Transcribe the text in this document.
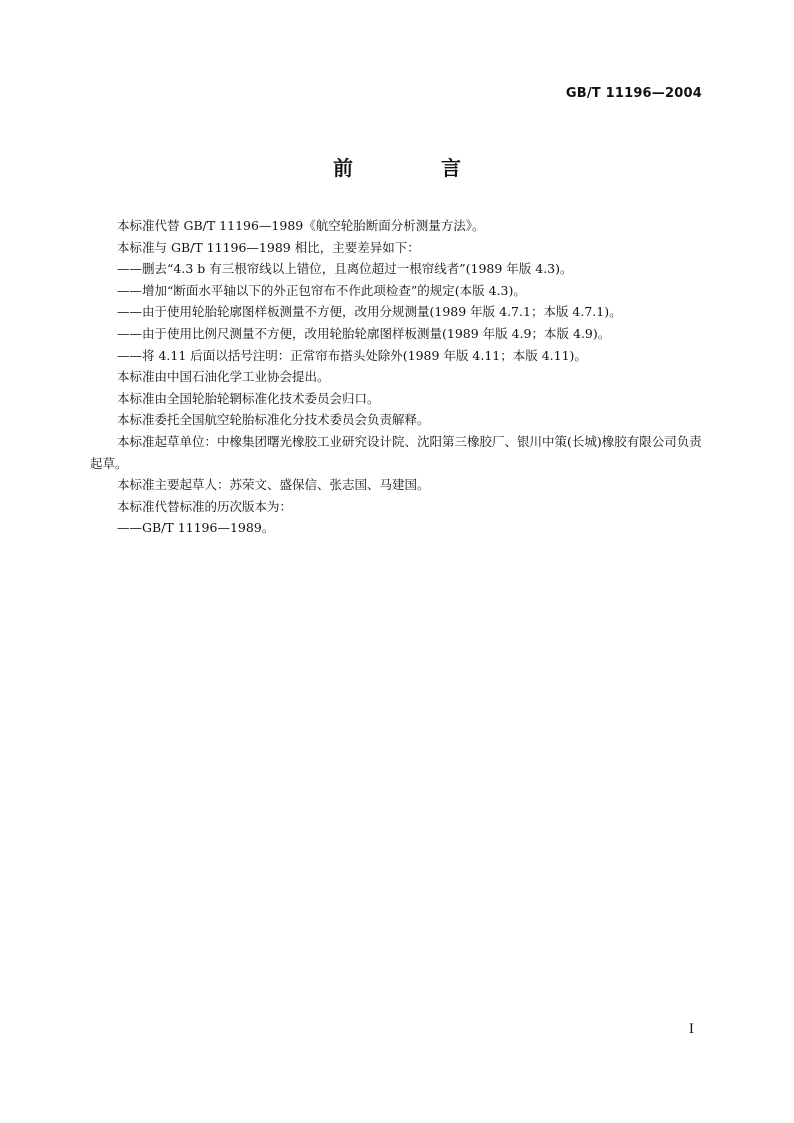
GB/T 11196—2004
前　言

本标准代替 GB/T 11196—1989《航空轮胎断面分析测量方法》。

本标准与 GB/T 11196—1989 相比，主要差异如下：

——删去“4.3 b 有三根帘线以上错位，且离位超过一根帘线者”(1989 年版 4.3)。

——增加“断面水平轴以下的外正包帘布不作此项检查”的规定(本版 4.3)。

——由于使用轮胎轮廓图样板测量不方便，改用分规测量(1989 年版 4.7.1；本版 4.7.1)。

——由于使用比例尺测量不方便，改用轮胎轮廓图样板测量(1989 年版 4.9；本版 4.9)。

——将 4.11 后面以括号注明：正常帘布搭头处除外(1989 年版 4.11；本版 4.11)。

本标准由中国石油化学工业协会提出。

本标准由全国轮胎轮辋标准化技术委员会归口。

本标准委托全国航空轮胎标准化分技术委员会负责解释。

本标准起草单位：中橡集团曙光橡胶工业研究设计院、沈阳第三橡胶厂、银川中策(长城)橡胶有限公司负责起草。

本标准主要起草人：苏荣文、盛保信、张志国、马建国。

本标准代替标准的历次版本为：

——GB/T 11196—1989。

I
